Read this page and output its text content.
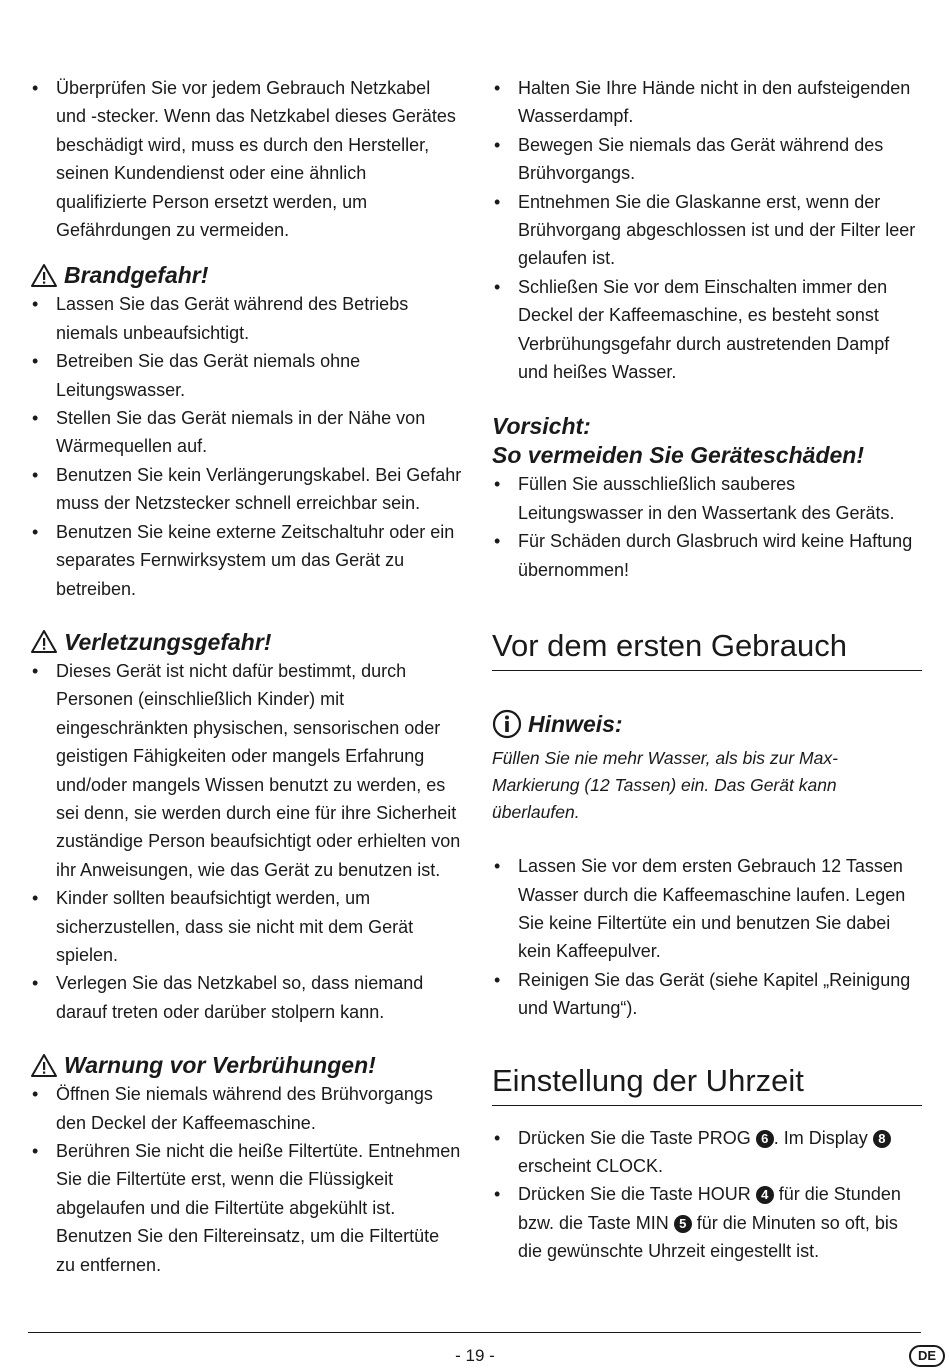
• Überprüfen Sie vor jedem Gebrauch Netzkabel und -stecker. Wenn das Netzkabel dieses Gerätes beschädigt wird, muss es durch den Hersteller, seinen Kundendienst oder eine ähnlich qualifizierte Person ersetzt werden, um Gefährdungen zu vermeiden.
Brandgefahr!
• Lassen Sie das Gerät während des Betriebs niemals unbeaufsichtigt.
• Betreiben Sie das Gerät niemals ohne Leitungswasser.
• Stellen Sie das Gerät niemals in der Nähe von Wärmequellen auf.
• Benutzen Sie kein Verlängerungskabel. Bei Gefahr muss der Netzstecker schnell erreichbar sein.
• Benutzen Sie keine externe Zeitschaltuhr oder ein separates Fernwirksystem um das Gerät zu betreiben.
Verletzungsgefahr!
• Dieses Gerät ist nicht dafür bestimmt, durch Personen (einschließlich Kinder) mit eingeschränkten physischen, sensorischen oder geistigen Fähigkeiten oder mangels Erfahrung und/oder mangels Wissen benutzt zu werden, es sei denn, sie werden durch eine für ihre Sicherheit zuständige Person beaufsichtigt oder erhielten von ihr Anweisungen, wie das Gerät zu benutzen ist.
• Kinder sollten beaufsichtigt werden, um sicherzustellen, dass sie nicht mit dem Gerät spielen.
• Verlegen Sie das Netzkabel so, dass niemand darauf treten oder darüber stolpern kann.
Warnung vor Verbrühungen!
• Öffnen Sie niemals während des Brühvorgangs den Deckel der Kaffeemaschine.
• Berühren Sie nicht die heiße Filtertüte. Entnehmen Sie die Filtertüte erst, wenn die Flüssigkeit abgelaufen und die Filtertüte abgekühlt ist. Benutzen Sie den Filtereinsatz, um die Filtertüte zu entfernen.
• Halten Sie Ihre Hände nicht in den aufsteigenden Wasserdampf.
• Bewegen Sie niemals das Gerät während des Brühvorgangs.
• Entnehmen Sie die Glaskanne erst, wenn der Brühvorgang abgeschlossen ist und der Filter leer gelaufen ist.
• Schließen Sie vor dem Einschalten immer den Deckel der Kaffeemaschine, es besteht sonst Verbrühungsgefahr durch austretenden Dampf und heißes Wasser.
Vorsicht:
So vermeiden Sie Geräteschäden!
• Füllen Sie ausschließlich sauberes Leitungswasser in den Wassertank des Geräts.
• Für Schäden durch Glasbruch wird keine Haftung übernommen!
Vor dem ersten Gebrauch
Hinweis:

Füllen Sie nie mehr Wasser, als bis zur Max-Markierung (12 Tassen) ein. Das Gerät kann überlaufen.

• Lassen Sie vor dem ersten Gebrauch 12 Tassen Wasser durch die Kaffeemaschine laufen. Legen Sie keine Filtertüte ein und benutzen Sie dabei kein Kaffeepulver.
• Reinigen Sie das Gerät (siehe Kapitel „Reinigung und Wartung“).
Einstellung der Uhrzeit
• Drücken Sie die Taste PROG 6 . Im Display 8 erscheint CLOCK.
• Drücken Sie die Taste HOUR 4 für die Stunden bzw. die Taste MIN 5 für die Minuten so oft, bis die gewünschte Uhrzeit eingestellt ist.
- 19 -	DE
